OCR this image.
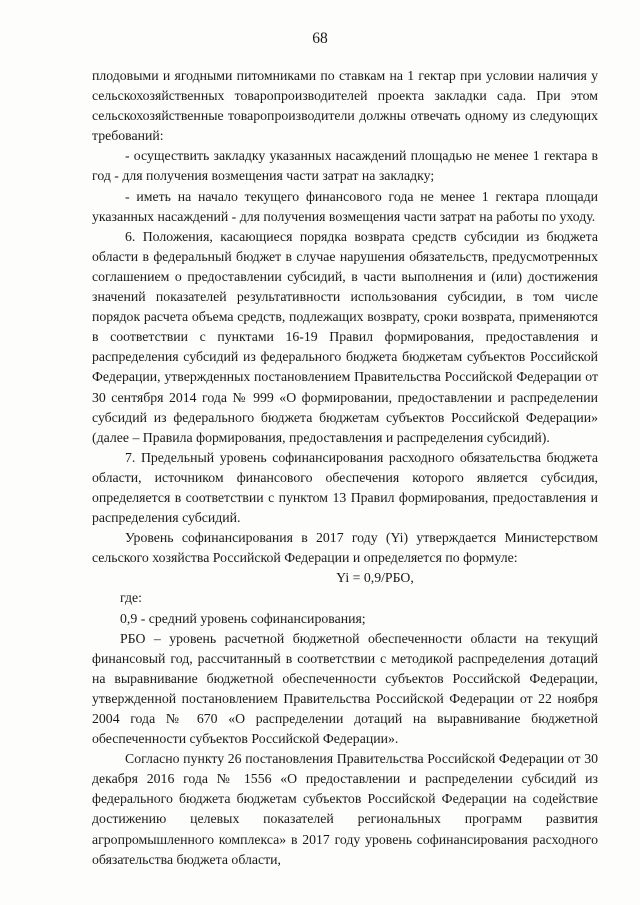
68

плодовыми и ягодными питомниками по ставкам на 1 гектар при условии наличия у сельскохозяйственных товаропроизводителей проекта закладки сада. При этом сельскохозяйственные товаропроизводители должны отвечать одному из следующих требований:

- осуществить закладку указанных насаждений площадью не менее 1 гектара в год - для получения возмещения части затрат на закладку;

- иметь на начало текущего финансового года не менее 1 гектара площади указанных насаждений - для получения возмещения части затрат на работы по уходу.

6. Положения, касающиеся порядка возврата средств субсидии из бюджета области в федеральный бюджет в случае нарушения обязательств, предусмотренных соглашением о предоставлении субсидий, в части выполнения и (или) достижения значений показателей результативности использования субсидии, в том числе порядок расчета объема средств, подлежащих возврату, сроки возврата, применяются в соответствии с пунктами 16-19 Правил формирования, предоставления и распределения субсидий из федерального бюджета бюджетам субъектов Российской Федерации, утвержденных постановлением Правительства Российской Федерации от 30 сентября 2014 года № 999 «О формировании, предоставлении и распределении субсидий из федерального бюджета бюджетам субъектов Российской Федерации» (далее – Правила формирования, предоставления и распределения субсидий).

7. Предельный уровень софинансирования расходного обязательства бюджета области, источником финансового обеспечения которого является субсидия, определяется в соответствии с пунктом 13 Правил формирования, предоставления и распределения субсидий.

Уровень софинансирования в 2017 году (Yi) утверждается Министерством сельского хозяйства Российской Федерации и определяется по формуле:

Yi = 0,9/РБО,

где:

0,9 - средний уровень софинансирования;

РБО – уровень расчетной бюджетной обеспеченности области на текущий финансовый год, рассчитанный в соответствии с методикой распределения дотаций на выравнивание бюджетной обеспеченности субъектов Российской Федерации, утвержденной постановлением Правительства Российской Федерации от 22 ноября 2004 года № 670 «О распределении дотаций на выравнивание бюджетной обеспеченности субъектов Российской Федерации».

Согласно пункту 26 постановления Правительства Российской Федерации от 30 декабря 2016 года № 1556 «О предоставлении и распределении субсидий из федерального бюджета бюджетам субъектов Российской Федерации на содействие достижению целевых показателей региональных программ развития агропромышленного комплекса» в 2017 году уровень софинансирования расходного обязательства бюджета области,
